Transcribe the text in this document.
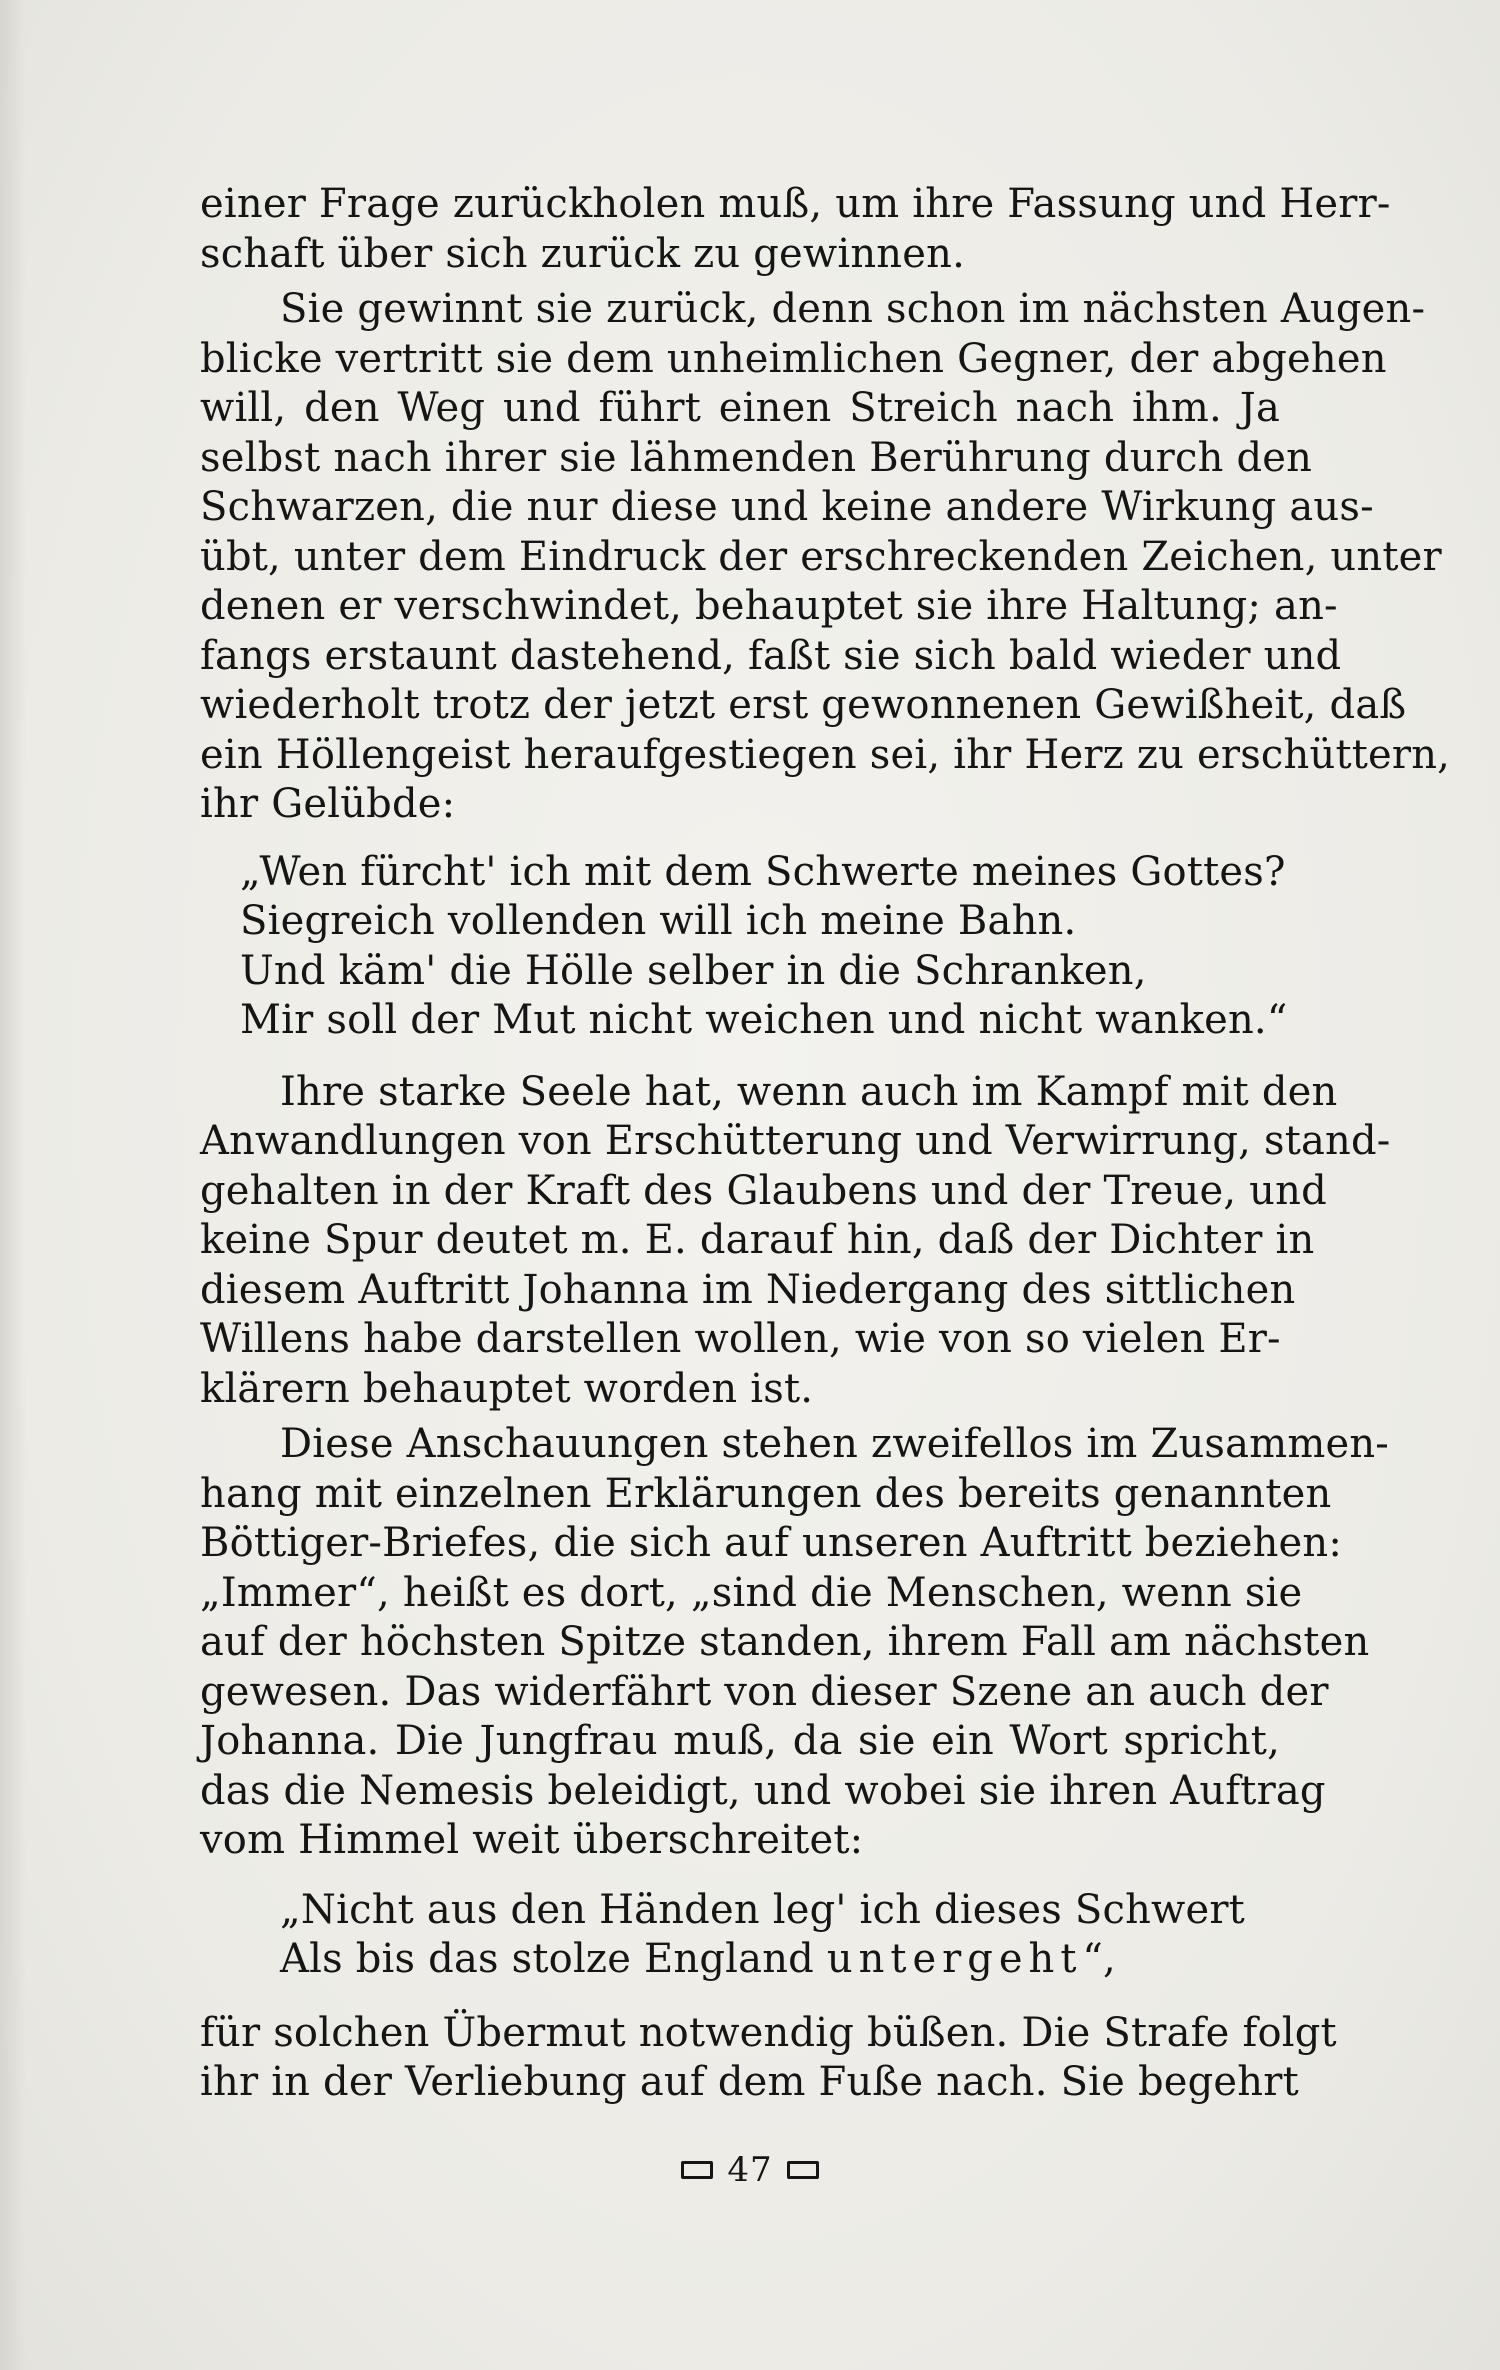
einer Frage zurückholen muß, um ihre Fassung und Herr-
schaft über sich zurück zu gewinnen.
Sie gewinnt sie zurück, denn schon im nächsten Augen-
blicke vertritt sie dem unheimlichen Gegner, der abgehen
will, den Weg und führt einen Streich nach ihm. Ja
selbst nach ihrer sie lähmenden Berührung durch den
Schwarzen, die nur diese und keine andere Wirkung aus-
übt, unter dem Eindruck der erschreckenden Zeichen, unter
denen er verschwindet, behauptet sie ihre Haltung; an-
fangs erstaunt dastehend, faßt sie sich bald wieder und
wiederholt trotz der jetzt erst gewonnenen Gewißheit, daß
ein Höllengeist heraufgestiegen sei, ihr Herz zu erschüttern,
ihr Gelübde:
„Wen fürcht' ich mit dem Schwerte meines Gottes?
Siegreich vollenden will ich meine Bahn.
Und käm' die Hölle selber in die Schranken,
Mir soll der Mut nicht weichen und nicht wanken.“
Ihre starke Seele hat, wenn auch im Kampf mit den
Anwandlungen von Erschütterung und Verwirrung, stand-
gehalten in der Kraft des Glaubens und der Treue, und
keine Spur deutet m. E. darauf hin, daß der Dichter in
diesem Auftritt Johanna im Niedergang des sittlichen
Willens habe darstellen wollen, wie von so vielen Er-
klärern behauptet worden ist.
Diese Anschauungen stehen zweifellos im Zusammen-
hang mit einzelnen Erklärungen des bereits genannten
Böttiger-Briefes, die sich auf unseren Auftritt beziehen:
„Immer“, heißt es dort, „sind die Menschen, wenn sie
auf der höchsten Spitze standen, ihrem Fall am nächsten
gewesen. Das widerfährt von dieser Szene an auch der
Johanna. Die Jungfrau muß, da sie ein Wort spricht,
das die Nemesis beleidigt, und wobei sie ihren Auftrag
vom Himmel weit überschreitet:
„Nicht aus den Händen leg' ich dieses Schwert
Als bis das stolze England untergeht“,
für solchen Übermut notwendig büßen. Die Strafe folgt
ihr in der Verliebung auf dem Fuße nach. Sie begehrt
47
